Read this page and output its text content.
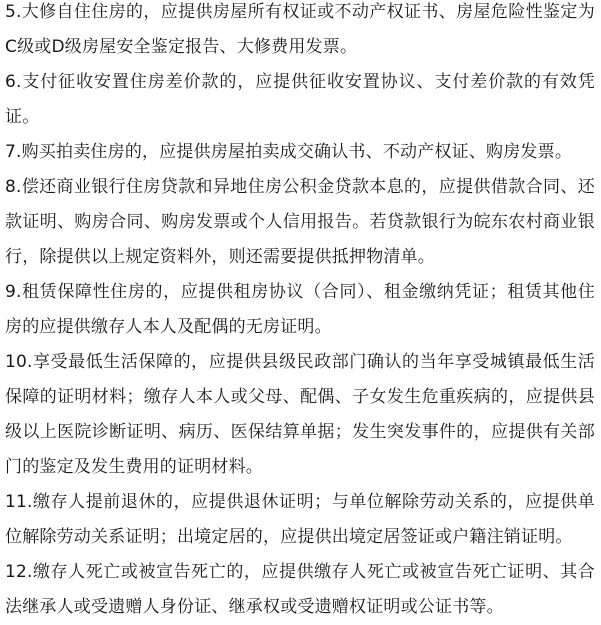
5.大修自住住房的，应提供房屋所有权证或不动产权证书、房屋危险性鉴定为C级或D级房屋安全鉴定报告、大修费用发票。

6.支付征收安置住房差价款的，应提供征收安置协议、支付差价款的有效凭证。

7.购买拍卖住房的，应提供房屋拍卖成交确认书、不动产权证、购房发票。

8.偿还商业银行住房贷款和异地住房公积金贷款本息的，应提供借款合同、还款证明、购房合同、购房发票或个人信用报告。若贷款银行为皖东农村商业银行，除提供以上规定资料外，则还需要提供抵押物清单。

9.租赁保障性住房的，应提供租房协议（合同）、租金缴纳凭证；租赁其他住房的应提供缴存人本人及配偶的无房证明。

10.享受最低生活保障的，应提供县级民政部门确认的当年享受城镇最低生活保障的证明材料；缴存人本人或父母、配偶、子女发生危重疾病的，应提供县级以上医院诊断证明、病历、医保结算单据；发生突发事件的，应提供有关部门的鉴定及发生费用的证明材料。

11.缴存人提前退休的，应提供退休证明；与单位解除劳动关系的，应提供单位解除劳动关系证明；出境定居的，应提供出境定居签证或户籍注销证明。

12.缴存人死亡或被宣告死亡的，应提供缴存人死亡或被宣告死亡证明、其合法继承人或受遗赠人身份证、继承权或受遗赠权证明或公证书等。
